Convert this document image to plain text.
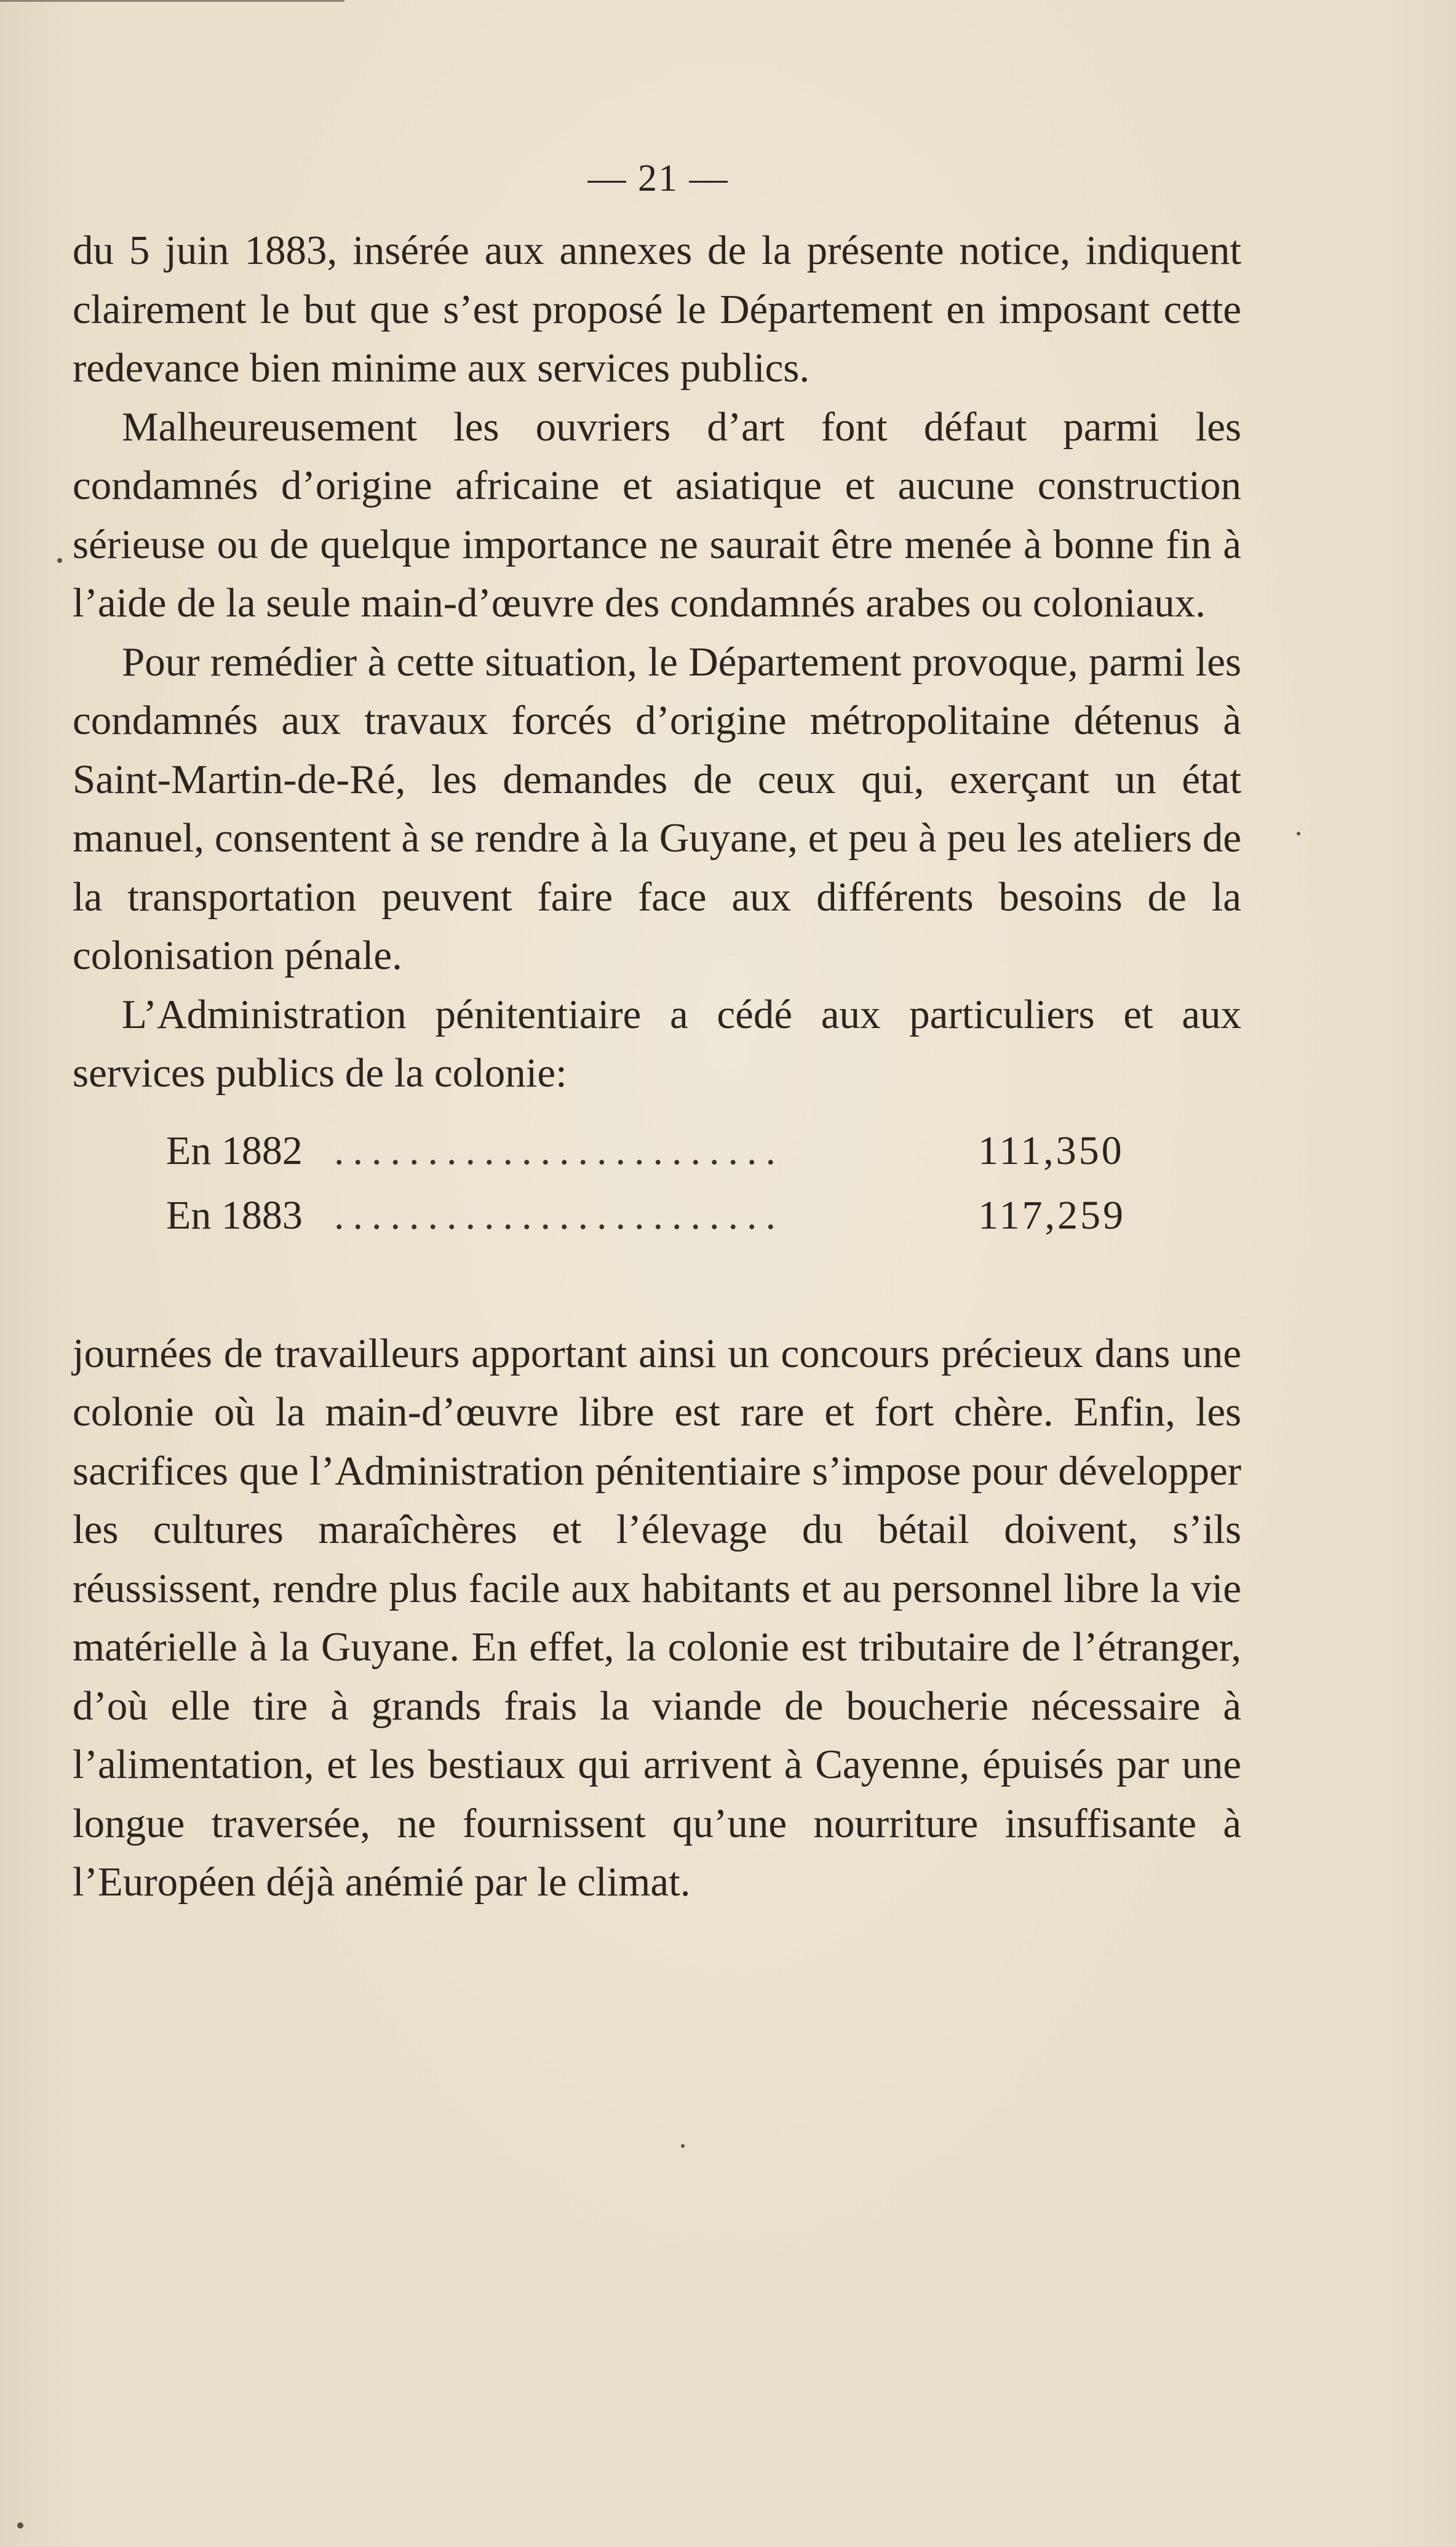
— 21 —

du 5 juin 1883, insérée aux annexes de la présente notice, indiquent clairement le but que s’est proposé le Département en imposant cette redevance bien minime aux services publics.

Malheureusement les ouvriers d’art font défaut parmi les condamnés d’origine africaine et asiatique et aucune construction sérieuse ou de quelque importance ne saurait être menée à bonne fin à l’aide de la seule main-d’œuvre des condamnés arabes ou coloniaux.

Pour remédier à cette situation, le Département provoque, parmi les condamnés aux travaux forcés d’origine métropolitaine détenus à Saint-Martin-de-Ré, les demandes de ceux qui, exerçant un état manuel, consentent à se rendre à la Guyane, et peu à peu les ateliers de la transportation peuvent faire face aux différents besoins de la colonisation pénale.

L’Administration pénitentiaire a cédé aux particuliers et aux services publics de la colonie:

En 1882 ........................	111,350
En 1883 ........................	117,259

journées de travailleurs apportant ainsi un concours précieux dans une colonie où la main-d’œuvre libre est rare et fort chère. Enfin, les sacrifices que l’Administration pénitentiaire s’impose pour développer les cultures maraîchères et l’élevage du bétail doivent, s’ils réussissent, rendre plus facile aux habitants et au personnel libre la vie matérielle à la Guyane. En effet, la colonie est tributaire de l’étranger, d’où elle tire à grands frais la viande de boucherie nécessaire à l’alimentation, et les bestiaux qui arrivent à Cayenne, épuisés par une longue traversée, ne fournissent qu’une nourriture insuffisante à l’Européen déjà anémié par le climat.
